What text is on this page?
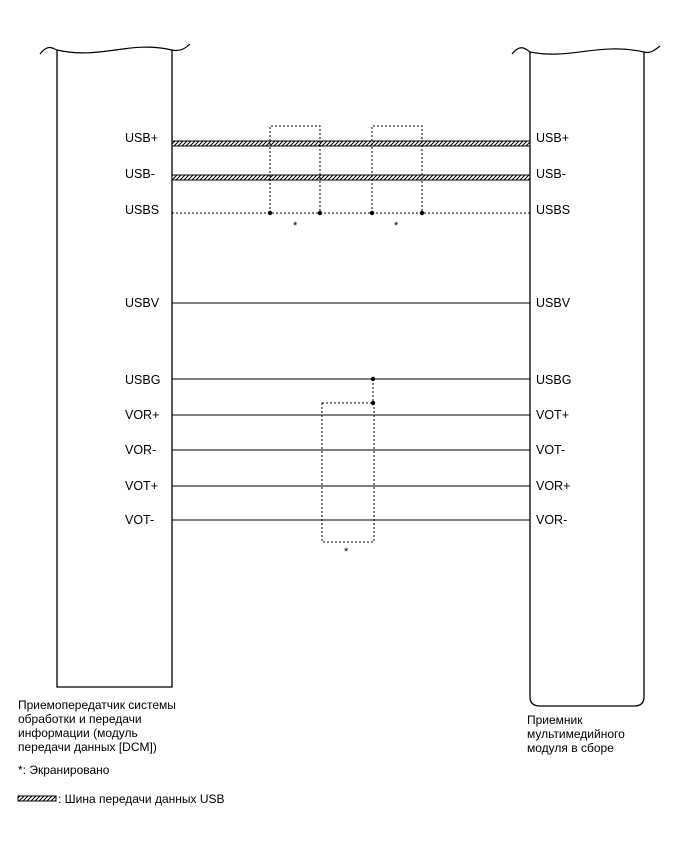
*	*
*
USB+
USB-
USBS
USBV
USBG
VOR+
VOR-
VOT+
VOT-
USB+
USB-
USBS
USBV
USBG
VOT+
VOT-
VOR+
VOR-
Приемопередатчик системы
обработки и передачи
информации (модуль
передачи данных [DCM])
Приемник
мультимедийного
модуля в сборе
*: Экранировано
: Шина передачи данных USB
